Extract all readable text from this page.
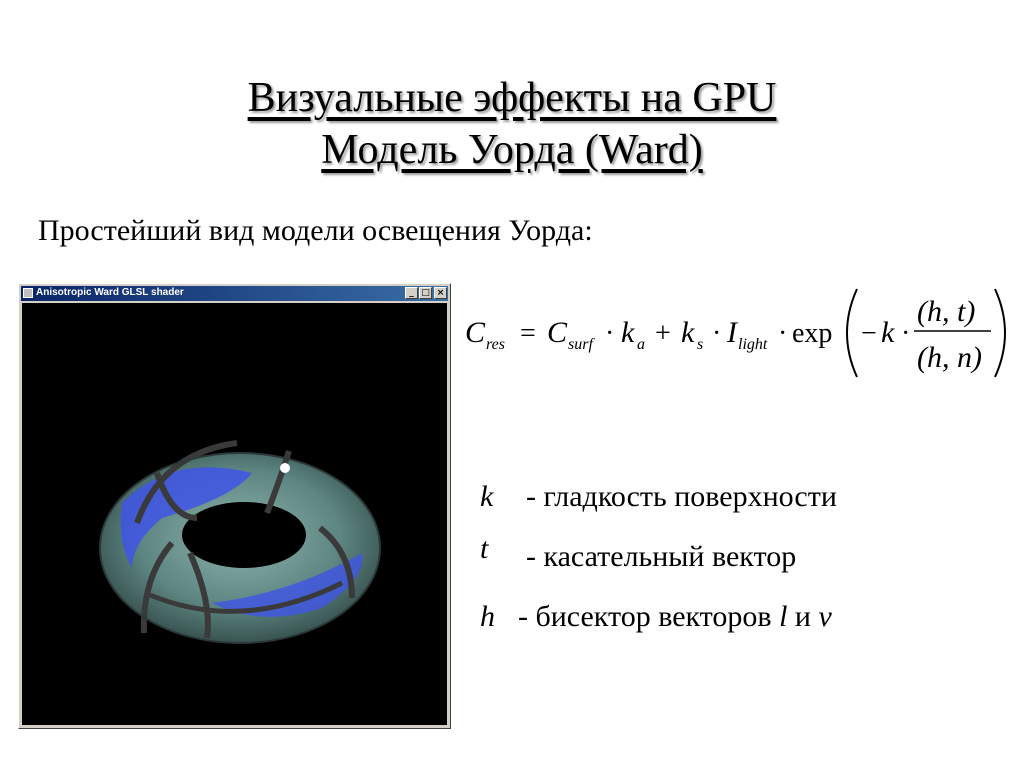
Визуальные эффекты на GPU
Модель Уорда (Ward)
Простейший вид модели освещения Уорда:
Anisotropic Ward GLSL shader	_ □ ×
C res = C surf · k a + k s · I light · exp − k ·
(h, t)
(h, n)
k - гладкость поверхности
t - касательный вектор
h - бисектор векторов l и v
